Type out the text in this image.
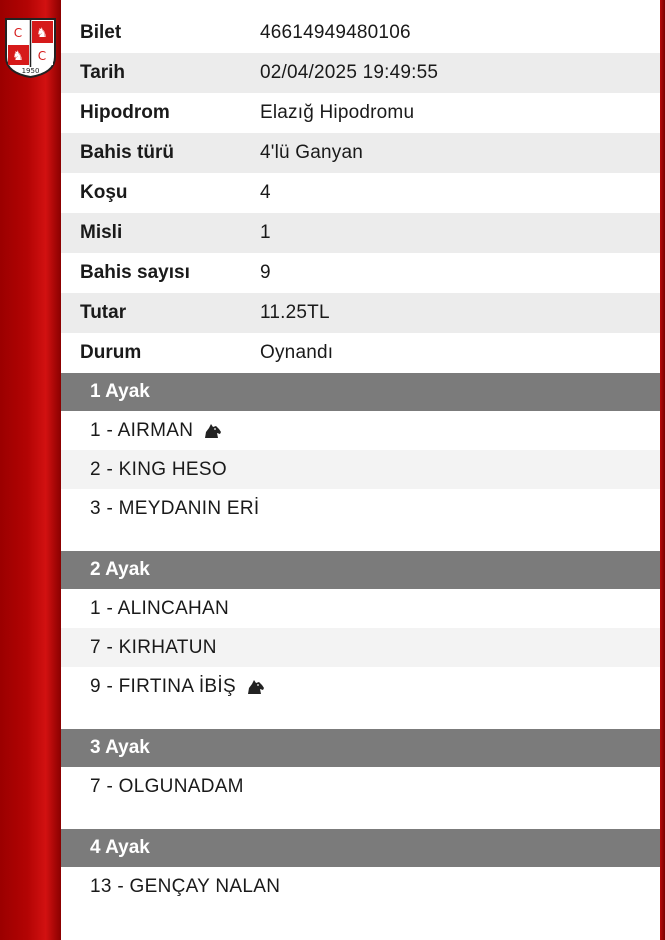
C ♞
♞ C
1950
Bilet	46614949480106
Tarih	02/04/2025 19:49:55
Hipodrom	Elazığ Hipodromu
Bahis türü	4'lü Ganyan
Koşu	4
Misli	1
Bahis sayısı	9
Tutar	11.25TL
Durum	Oynandı
1 Ayak
1 - AIRMAN
2 - KING HESO
3 - MEYDANIN ERİ
2 Ayak
1 - ALINCAHAN
7 - KIRHATUN
9 - FIRTINA İBİŞ
3 Ayak
7 - OLGUNADAM
4 Ayak
13 - GENÇAY NALAN
